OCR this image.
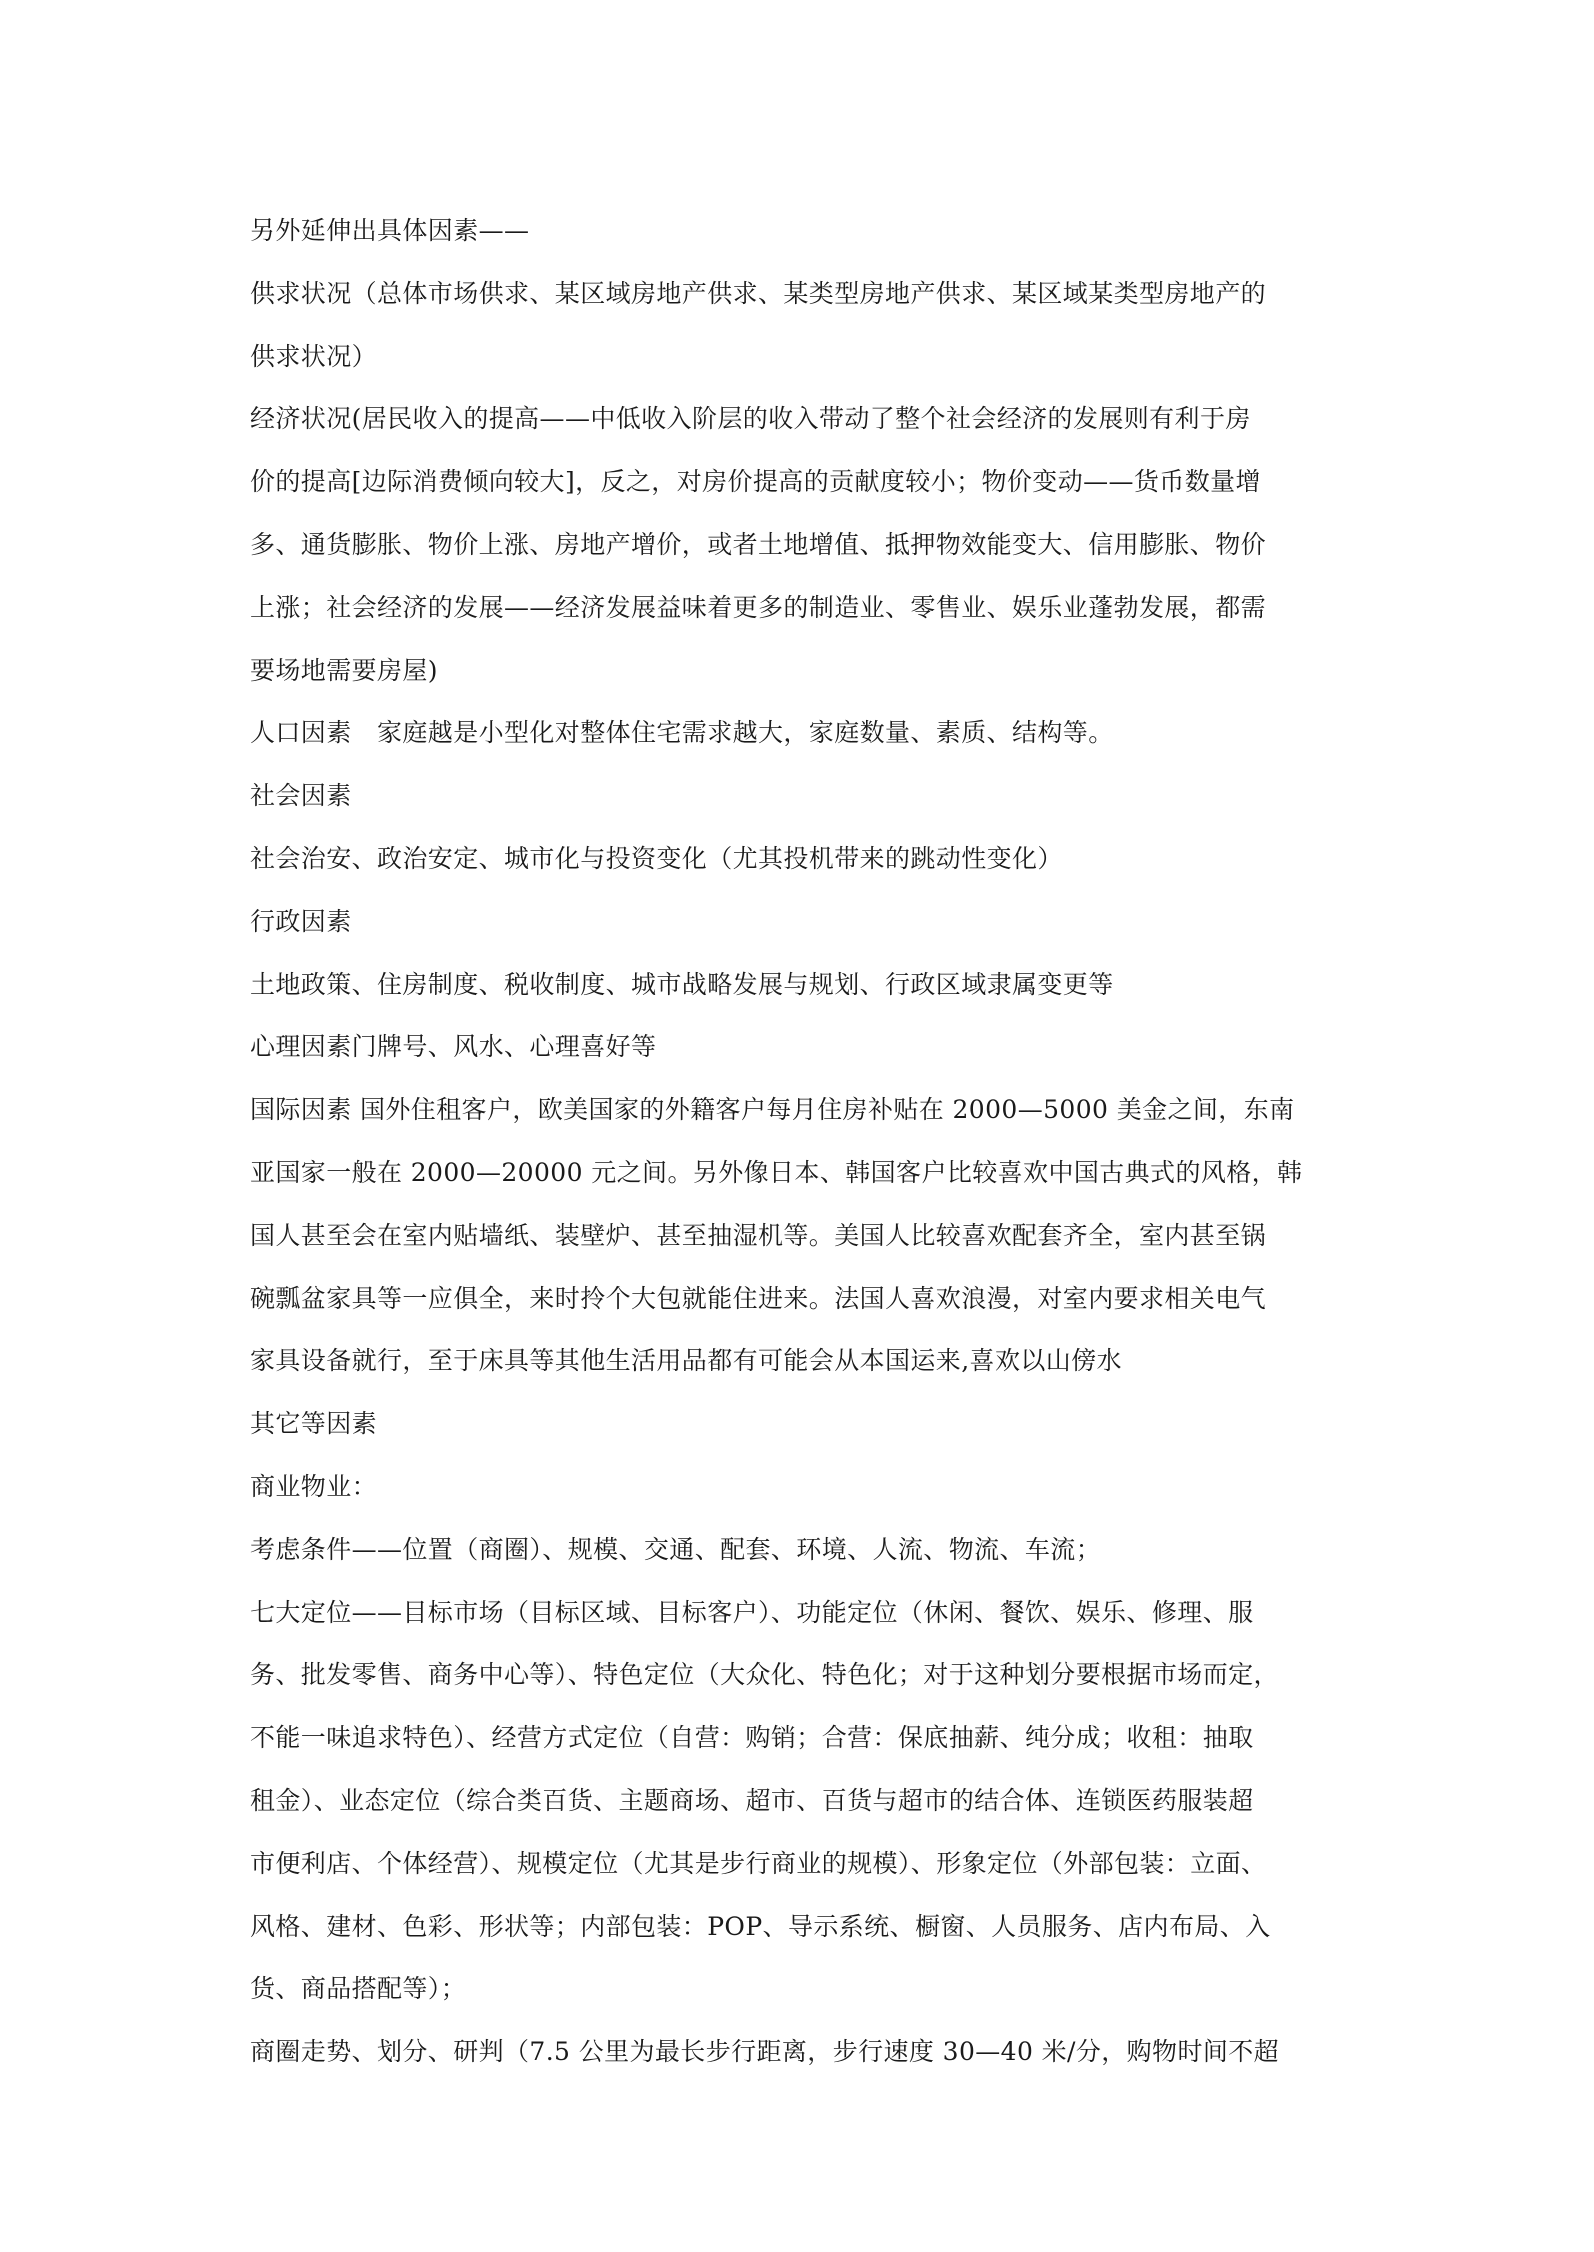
另外延伸出具体因素——
供求状况（总体市场供求、某区域房地产供求、某类型房地产供求、某区域某类型房地产的
供求状况）
经济状况(居民收入的提高——中低收入阶层的收入带动了整个社会经济的发展则有利于房
价的提高[边际消费倾向较大]，反之，对房价提高的贡献度较小；物价变动——货币数量增
多、通货膨胀、物价上涨、房地产增价，或者土地增值、抵押物效能变大、信用膨胀、物价
上涨；社会经济的发展——经济发展益味着更多的制造业、零售业、娱乐业蓬勃发展，都需
要场地需要房屋)
人口因素　家庭越是小型化对整体住宅需求越大，家庭数量、素质、结构等。
社会因素
社会治安、政治安定、城市化与投资变化（尤其投机带来的跳动性变化）
行政因素
土地政策、住房制度、税收制度、城市战略发展与规划、行政区域隶属变更等
心理因素门牌号、风水、心理喜好等
国际因素 国外住租客户，欧美国家的外籍客户每月住房补贴在 2000—5000 美金之间，东南
亚国家一般在 2000—20000 元之间。另外像日本、韩国客户比较喜欢中国古典式的风格，韩
国人甚至会在室内贴墙纸、装壁炉、甚至抽湿机等。美国人比较喜欢配套齐全，室内甚至锅
碗瓢盆家具等一应俱全，来时拎个大包就能住进来。法国人喜欢浪漫，对室内要求相关电气
家具设备就行，至于床具等其他生活用品都有可能会从本国运来,喜欢以山傍水
其它等因素
商业物业：
考虑条件——位置（商圈）、规模、交通、配套、环境、人流、物流、车流；
七大定位——目标市场（目标区域、目标客户）、功能定位（休闲、餐饮、娱乐、修理、服
务、批发零售、商务中心等）、特色定位（大众化、特色化；对于这种划分要根据市场而定，
不能一味追求特色）、经营方式定位（自营：购销；合营：保底抽薪、纯分成；收租：抽取
租金）、业态定位（综合类百货、主题商场、超市、百货与超市的结合体、连锁医药服装超
市便利店、个体经营）、规模定位（尤其是步行商业的规模）、形象定位（外部包装：立面、
风格、建材、色彩、形状等；内部包装：POP、导示系统、橱窗、人员服务、店内布局、入
货、商品搭配等）；
商圈走势、划分、研判（7.5 公里为最长步行距离，步行速度 30—40 米/分，购物时间不超
